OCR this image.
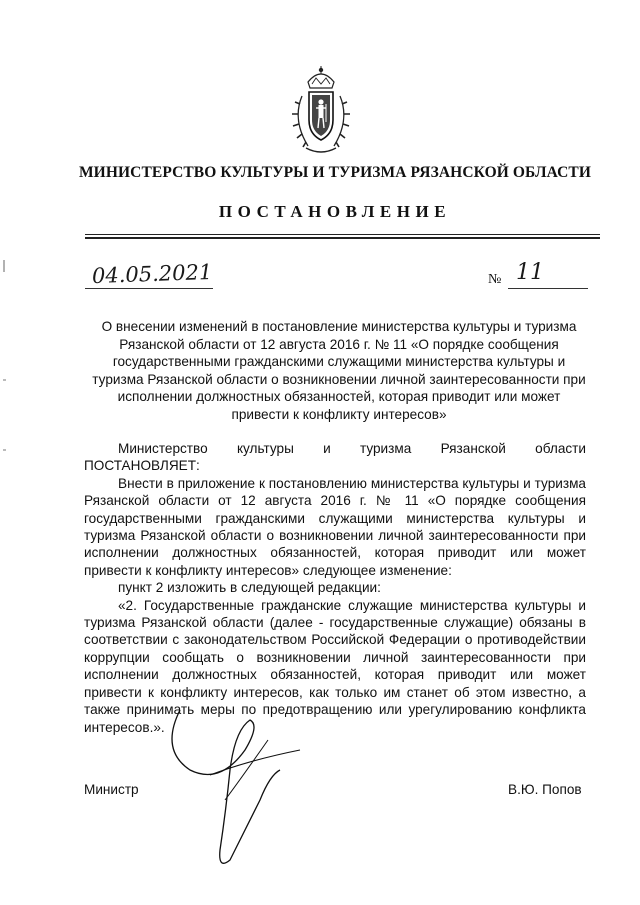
МИНИСТЕРСТВО КУЛЬТУРЫ И ТУРИЗМА РЯЗАНСКОЙ ОБЛАСТИ
ПОСТАНОВЛЕНИЕ
04.05.2021	№ 11
О внесении изменений в постановление министерства культуры и туризма
Рязанской области от 12 августа 2016 г. № 11 «О порядке сообщения
государственными гражданскими служащими министерства культуры и
туризма Рязанской области о возникновении личной заинтересованности при
исполнении должностных обязанностей, которая приводит или может
привести к конфликту интересов»
Министерство культуры и туризма Рязанской области

ПОСТАНОВЛЯЕТ:

Внести в приложение к постановлению министерства культуры и туризма Рязанской области от 12 августа 2016 г. № 11 «О порядке сообщения государственными гражданскими служащими министерства культуры и туризма Рязанской области о возникновении личной заинтересованности при исполнении должностных обязанностей, которая приводит или может привести к конфликту интересов» следующее изменение:

пункт 2 изложить в следующей редакции:

«2. Государственные гражданские служащие министерства культуры и туризма Рязанской области (далее - государственные служащие) обязаны в соответствии с законодательством Российской Федерации о противодействии коррупции сообщать о возникновении личной заинтересованности при исполнении должностных обязанностей, которая приводит или может привести к конфликту интересов, как только им станет об этом известно, а также принимать меры по предотвращению или урегулированию конфликта интересов.».

Министр	В.Ю. Попов
